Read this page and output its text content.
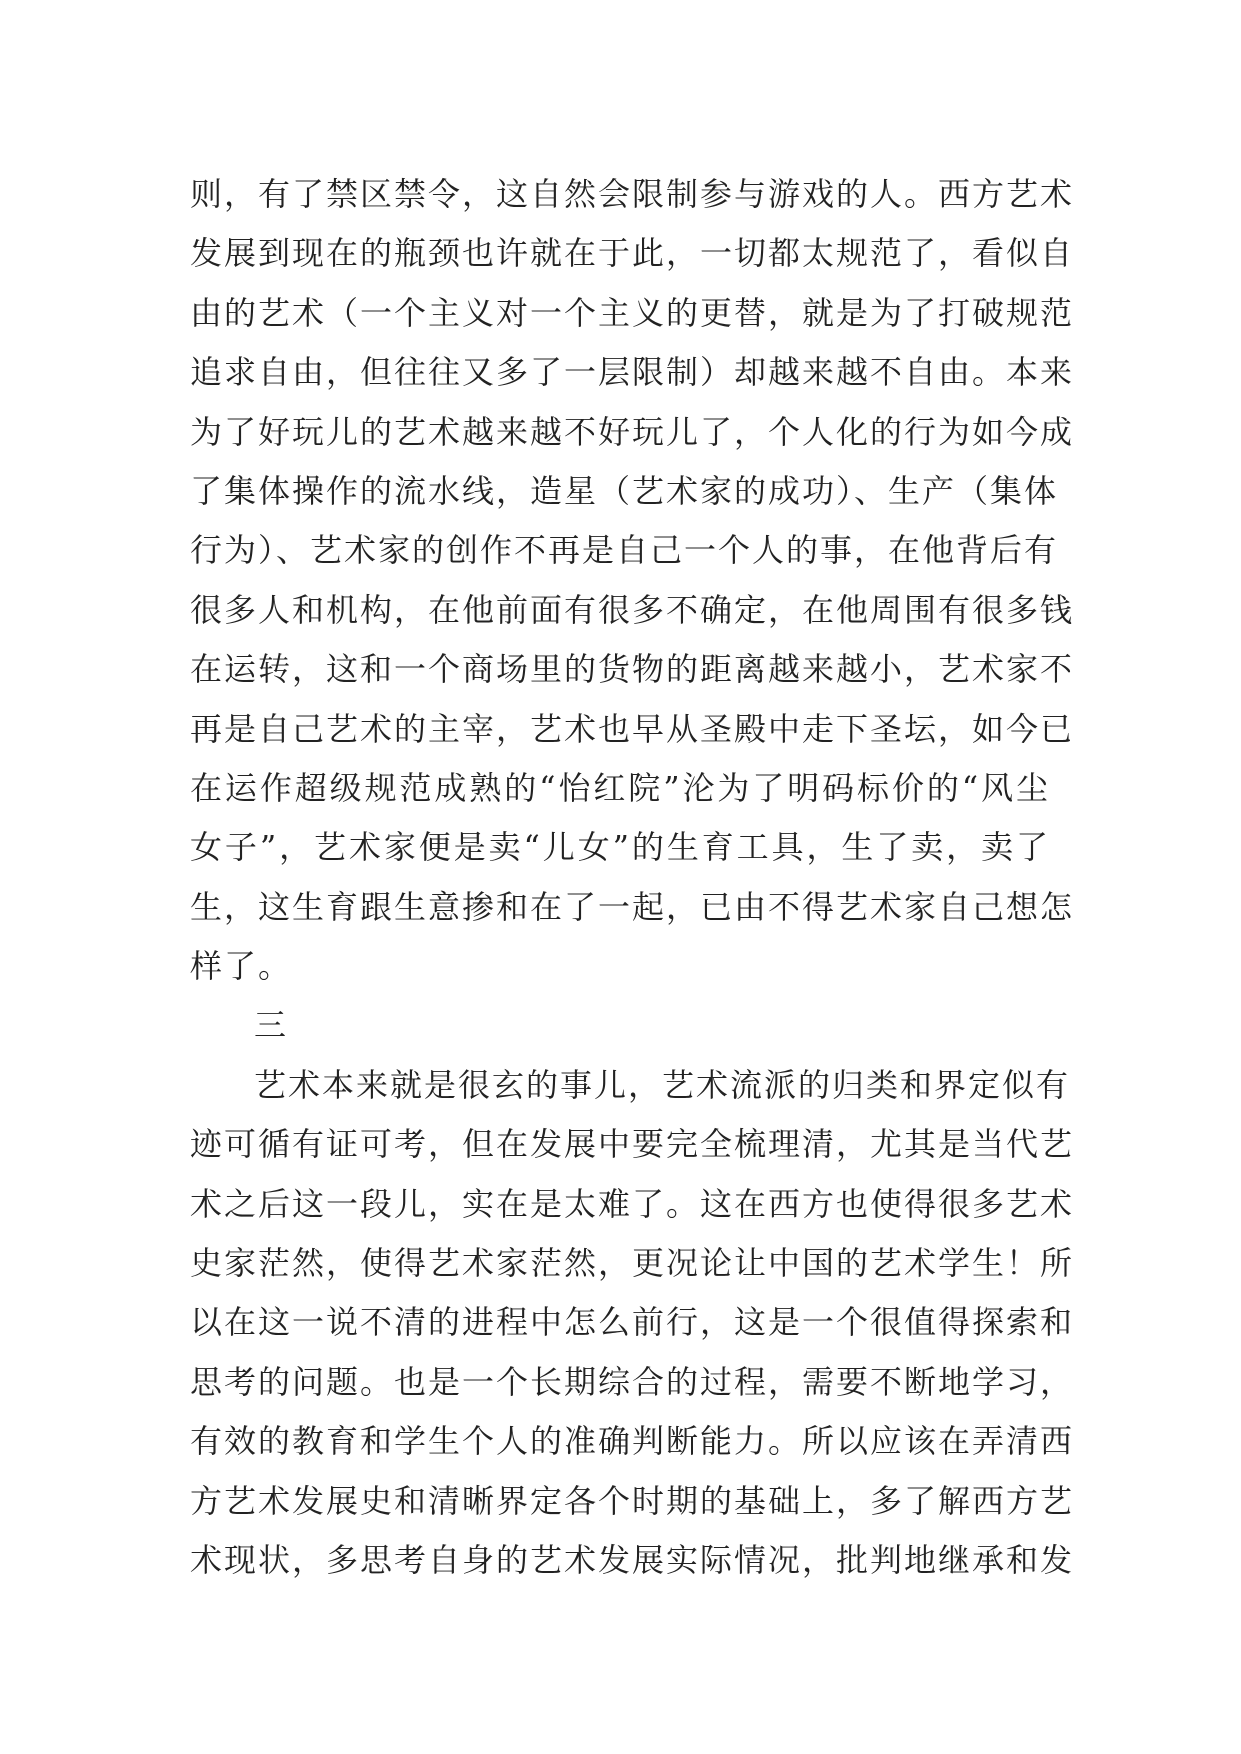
则，有了禁区禁令，这自然会限制参与游戏的人。西方艺术
发展到现在的瓶颈也许就在于此，一切都太规范了，看似自
由的艺术（一个主义对一个主义的更替，就是为了打破规范
追求自由，但往往又多了一层限制）却越来越不自由。本来
为了好玩儿的艺术越来越不好玩儿了，个人化的行为如今成
了集体操作的流水线，造星（艺术家的成功）、生产（集体
行为）、艺术家的创作不再是自己一个人的事，在他背后有
很多人和机构，在他前面有很多不确定，在他周围有很多钱
在运转，这和一个商场里的货物的距离越来越小，艺术家不
再是自己艺术的主宰，艺术也早从圣殿中走下圣坛，如今已
在运作超级规范成熟的“怡红院”沦为了明码标价的“风尘
女子”，艺术家便是卖“儿女”的生育工具，生了卖，卖了
生，这生育跟生意掺和在了一起，已由不得艺术家自己想怎
样了。
三
艺术本来就是很玄的事儿，艺术流派的归类和界定似有
迹可循有证可考，但在发展中要完全梳理清，尤其是当代艺
术之后这一段儿，实在是太难了。这在西方也使得很多艺术
史家茫然，使得艺术家茫然，更况论让中国的艺术学生！所
以在这一说不清的进程中怎么前行，这是一个很值得探索和
思考的问题。也是一个长期综合的过程，需要不断地学习，
有效的教育和学生个人的准确判断能力。所以应该在弄清西
方艺术发展史和清晰界定各个时期的基础上，多了解西方艺
术现状，多思考自身的艺术发展实际情况，批判地继承和发
